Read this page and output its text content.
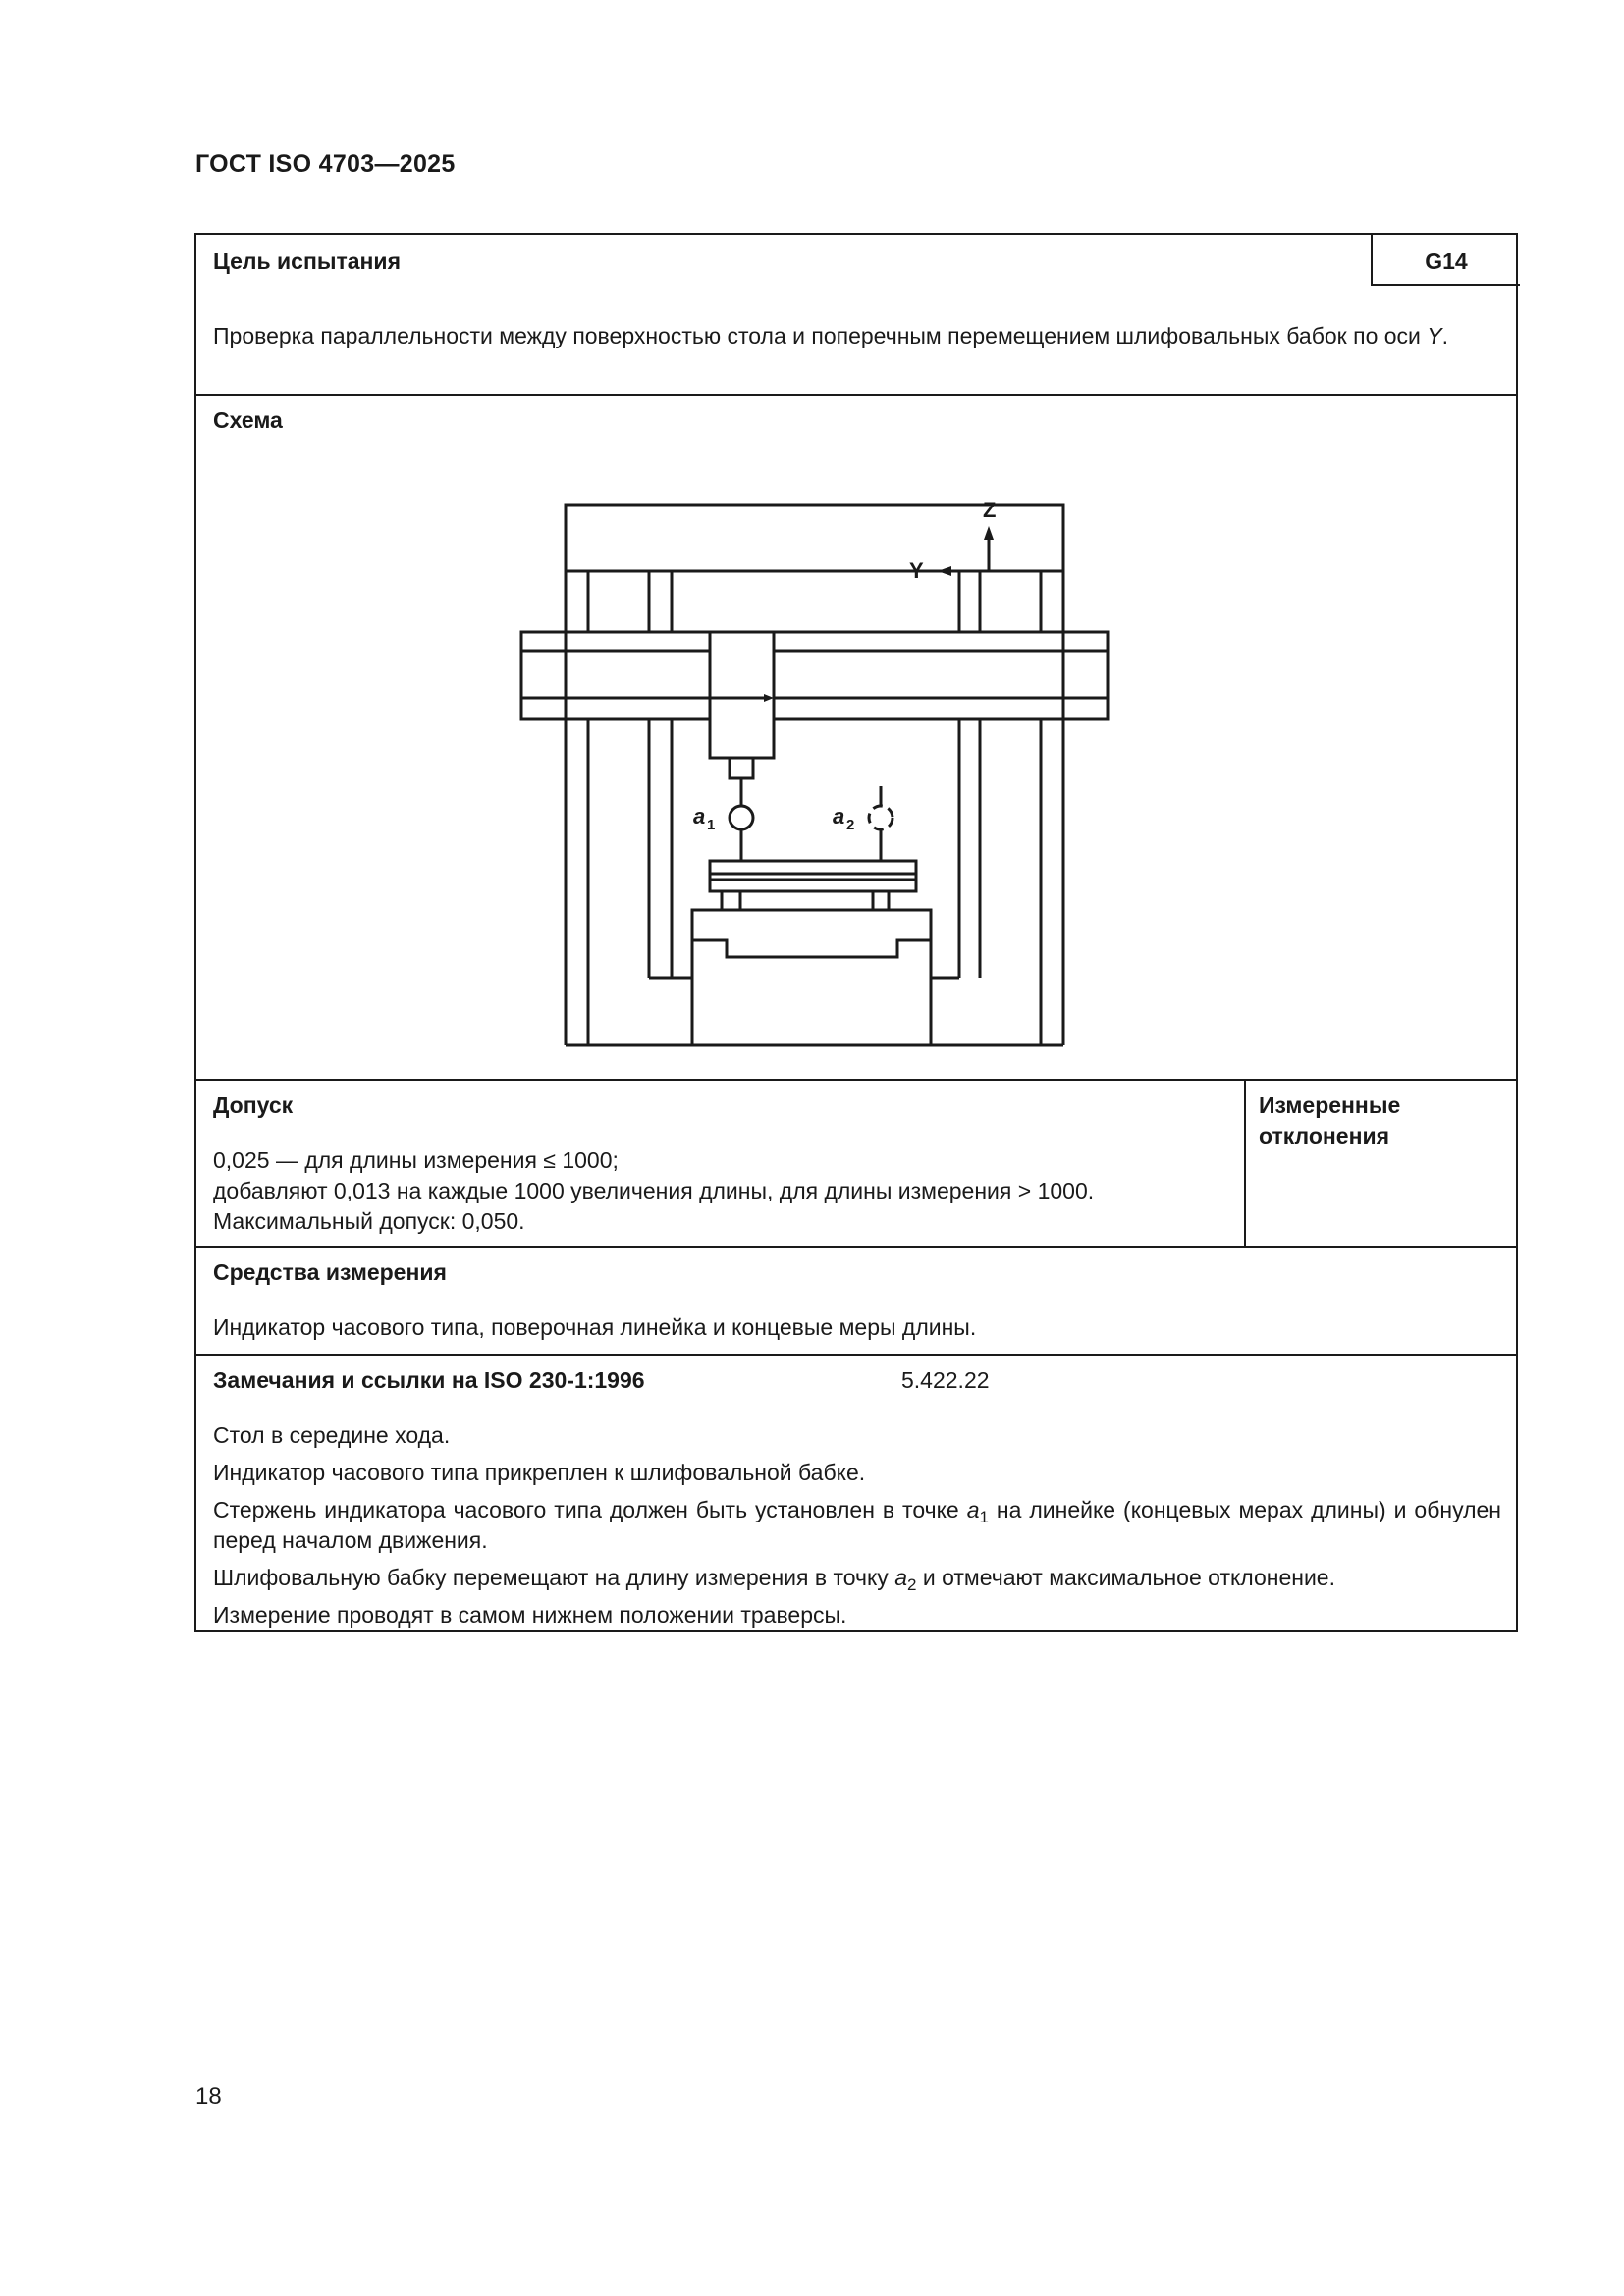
ГОСТ ISO 4703—2025
Цель испытания	G14
Проверка параллельности между поверхностью стола и поперечным перемещением шлифовальных бабок по оси Y.
Схема
Z
Y
a 1	a 2
Допуск
0,025 — для длины измерения ≤ 1000;
добавляют 0,013 на каждые 1000 увеличения длины, для длины измерения > 1000.
Максимальный допуск: 0,050.
Измеренные
отклонения
Средства измерения
Индикатор часового типа, поверочная линейка и концевые меры длины.
Замечания и ссылки на ISO 230-1:1996	5.422.22
Стол в середине хода.
Индикатор часового типа прикреплен к шлифовальной бабке.
Стержень индикатора часового типа должен быть установлен в точке $a_1$ на линейке (концевых мерах длины) и обнулен перед началом движения.
Шлифовальную бабку перемещают на длину измерения в точку $a_2$ и отмечают максимальное отклонение.
Измерение проводят в самом нижнем положении траверсы.
18
